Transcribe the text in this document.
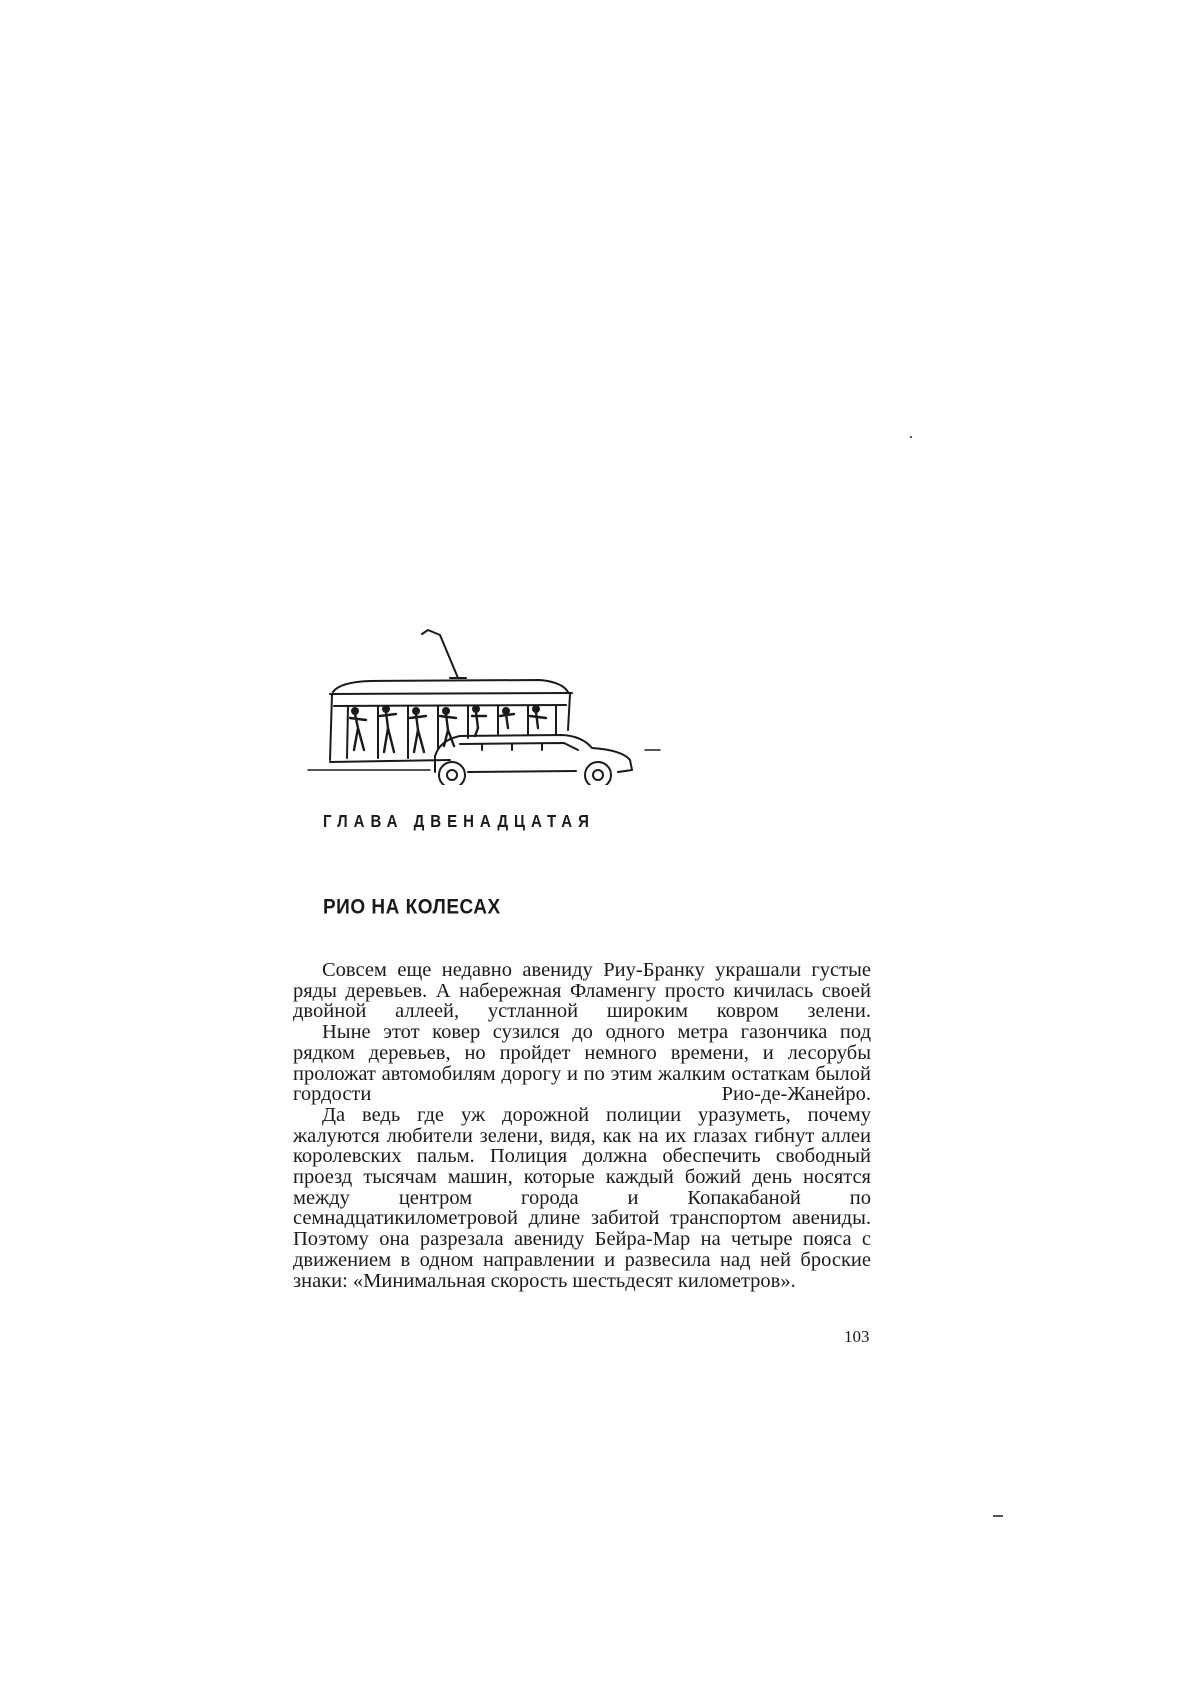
ГЛАВА ДВЕНАДЦАТАЯ
РИО НА КОЛЕСАХ

Совсем еще недавно авениду Риу-Бранку украшали густые ряды деревьев. А набережная Фламенгу просто кичилась своей двойной аллеей, устланной широким ковром зелени.

Ныне этот ковер сузился до одного метра газончика под рядком деревьев, но пройдет немного времени, и лесорубы проложат автомобилям дорогу и по этим жалким остаткам былой гордости Рио-де-Жанейро.

Да ведь где уж дорожной полиции уразуметь, почему жалуются любители зелени, видя, как на их глазах гибнут аллеи королевских пальм. Полиция должна обеспечить свободный проезд тысячам машин, которые каждый божий день носятся между центром города и Копакабаной по семнадцатикилометровой длине забитой транспортом авениды. Поэтому она разрезала авениду Бейра-Мар на четыре пояса с движением в одном направлении и развесила над ней броские знаки: «Минимальная скорость шестьдесят километров».

103
